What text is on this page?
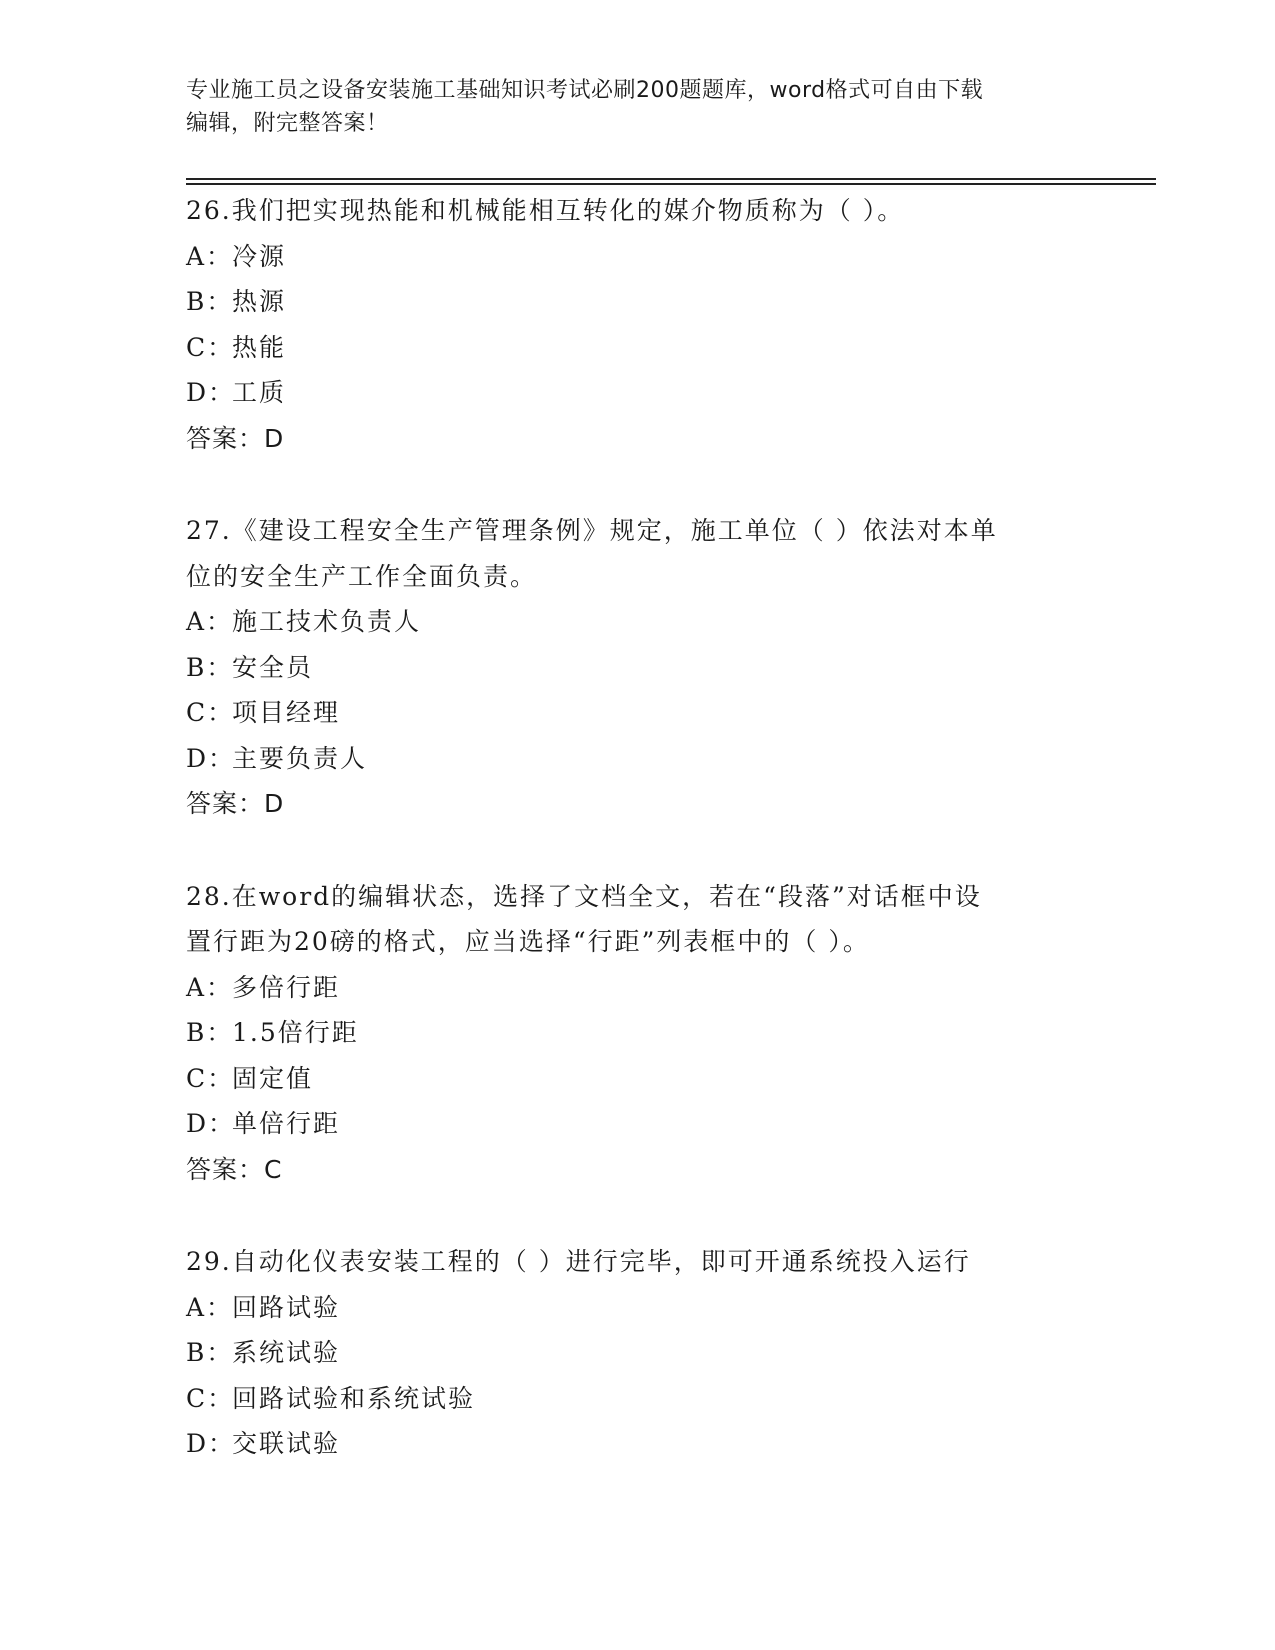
专业施工员之设备安装施工基础知识考试必刷200题题库，word格式可自由下载
编辑，附完整答案！
26.我们把实现热能和机械能相互转化的媒介物质称为（ ）。
A：
冷源
B：
热源
C：
热能
D：
工质
答案：D
27.《建设工程安全生产管理条例》规定，施工单位（ ）依法对本单
位的安全生产工作全面负责。
A：
施工技术负责人
B：
安全员
C：
项目经理
D：
主要负责人
答案：D
28.在word的编辑状态，选择了文档全文，若在“段落”对话框中设
置行距为20磅的格式，应当选择“行距”列表框中的（ ）。
A：
多倍行距
B：
1.5倍行距
C：
固定值
D：
单倍行距
答案：C
29.自动化仪表安装工程的（ ）进行完毕，即可开通系统投入运行
A：
回路试验
B：
系统试验
C：
回路试验和系统试验
D：
交联试验
